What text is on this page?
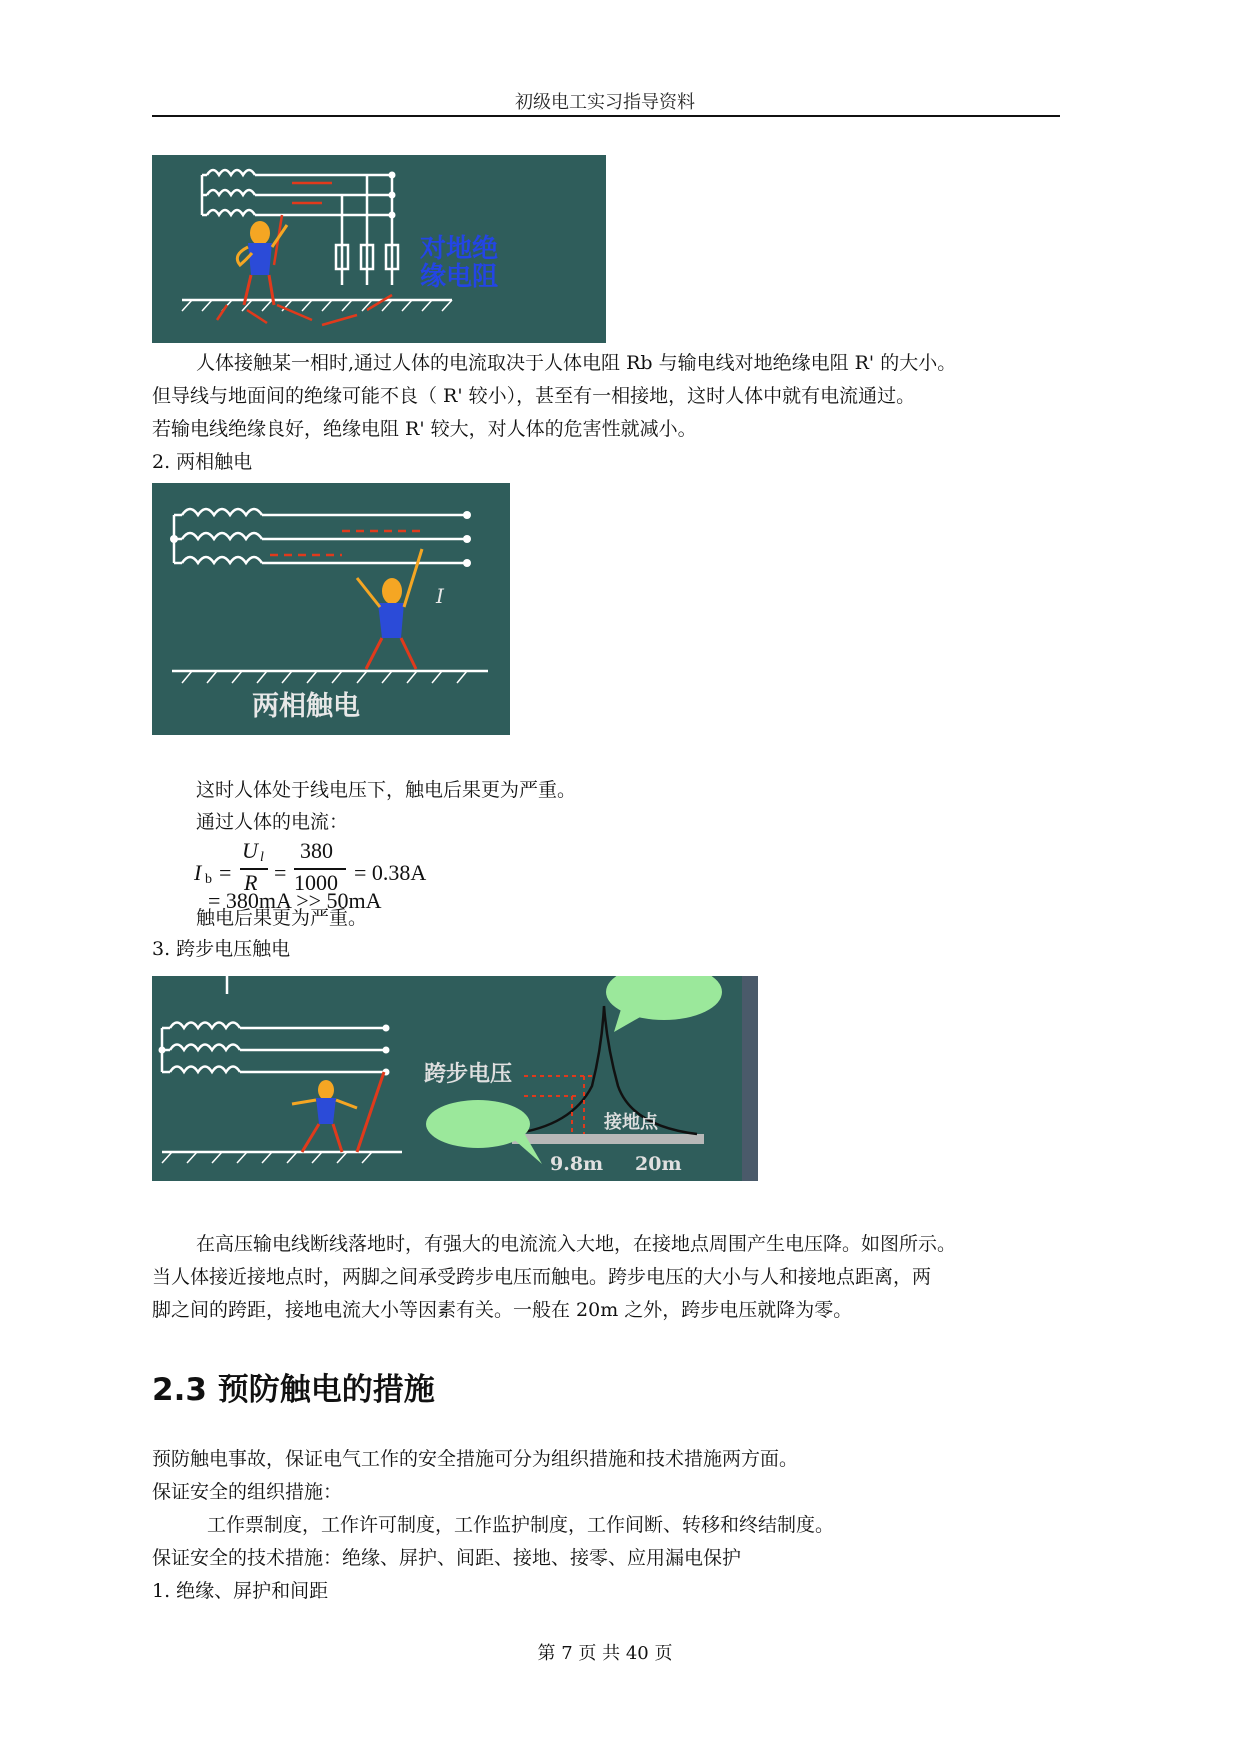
初级电工实习指导资料
对地绝
缘电阻
人体接触某一相时,通过人体的电流取决于人体电阻 Rb 与输电线对地绝缘电阻 R' 的大小。
但导线与地面间的绝缘可能不良（ R' 较小），甚至有一相接地，这时人体中就有电流通过。
若输电线绝缘良好，绝缘电阻 R' 较大，对人体的危害性就减小。
2. 两相触电
I
两相触电
这时人体处于线电压下，触电后果更为严重。
通过人体的电流：
I b =
U l
R =
380
1000 = 0.38A
= 380mA >> 50mA
触电后果更为严重。
3. 跨步电压触电
跨步电压
接地点
9.8m 20m
在高压输电线断线落地时，有强大的电流流入大地，在接地点周围产生电压降。如图所示。
当人体接近接地点时，两脚之间承受跨步电压而触电。跨步电压的大小与人和接地点距离，两
脚之间的跨距，接地电流大小等因素有关。一般在 20m 之外，跨步电压就降为零。
2.3 预防触电的措施
预防触电事故，保证电气工作的安全措施可分为组织措施和技术措施两方面。
保证安全的组织措施：
工作票制度，工作许可制度，工作监护制度，工作间断、转移和终结制度。
保证安全的技术措施：绝缘、屏护、间距、接地、接零、应用漏电保护
1. 绝缘、屏护和间距
第 7 页 共 40 页
